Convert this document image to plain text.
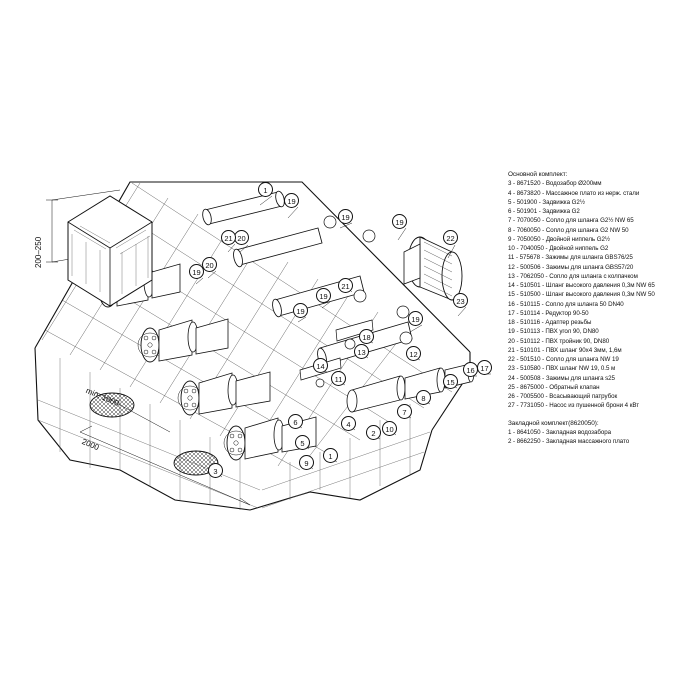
200–250
min. 1000
2000
1
19
19
20
21
20
19
19
22
21
19
23
19
19
18
11
13
14
12
15
16 17
8
7
10
2
4
1
9
5
6
3
Основной комплект:
3 - 8671520 - Водозабор Ø200мм
4 - 8673820 - Массажное плато из нерж. стали
5 - 501900 - Задвижка G2½
6 - 501901 - Задвижка G2
7 - 7070050 - Сопло для шланга G2½ NW 65
8 - 7060050 - Сопло для шланга G2 NW 50
9 - 7050050 - Двойной ниппель G2½
10 - 7040050 - Двойной ниппель G2
11 - 575678 - Зажимы для шланга GBS76/25
12 - 500506 - Зажимы для шланга GBS57/20
13 - 7062050 - Сопло для шланга с колпачком
14 - 510501 - Шланг высокого давления 0,3м NW 65
15 - 510500 - Шланг высокого давления 0,3м NW 50
16 - 510115 - Сопло для шланга 50 DN40
17 - 510114 - Редуктор 90-50
18 - 510116 - Адаптер резьбы
19 - 510113 - ПВХ угол 90, DN80
20 - 510112 - ПВХ тройник 90, DN80
21 - 510101 - ПВХ шланг 90х4 3мм, 1,6м
22 - 501510 - Сопло для шланга NW 19
23 - 510580 - ПВХ шланг NW 19, 0.5 м
24 - 500508 - Зажимы для шланга s25
25 - 8675000 - Обратный клапан
26 - 7005500 - Всасывающий патрубок
27 - 7731050 - Насос из пушенной брони 4 кВт
Закладной комплект(8620050):
1 - 8641050 - Закладная водозабора
2 - 8662250 - Закладная массажного плато
